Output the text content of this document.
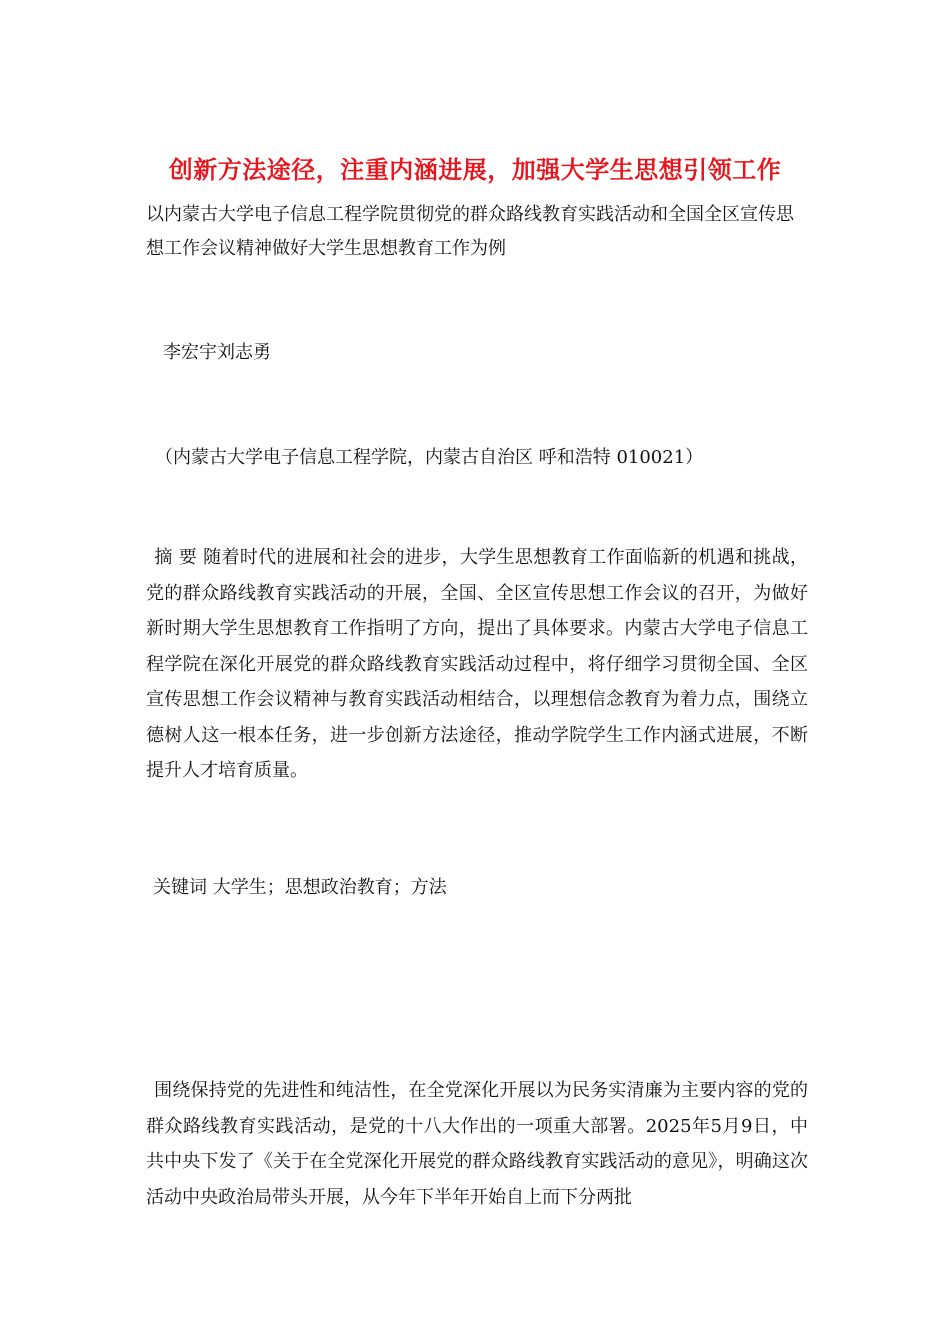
创新方法途径，注重内涵进展，加强大学生思想引领工作
以内蒙古大学电子信息工程学院贯彻党的群众路线教育实践活动和全国全区宣传思想工作会议精神做好大学生思想教育工作为例
李宏宇刘志勇
（内蒙古大学电子信息工程学院，内蒙古自治区 呼和浩特 010021）
摘 要 随着时代的进展和社会的进步，大学生思想教育工作面临新的机遇和挑战，党的群众路线教育实践活动的开展，全国、全区宣传思想工作会议的召开，为做好新时期大学生思想教育工作指明了方向，提出了具体要求。内蒙古大学电子信息工程学院在深化开展党的群众路线教育实践活动过程中，将仔细学习贯彻全国、全区宣传思想工作会议精神与教育实践活动相结合，以理想信念教育为着力点，围绕立德树人这一根本任务，进一步创新方法途径，推动学院学生工作内涵式进展，不断提升人才培育质量。
关键词 大学生；思想政治教育；方法
围绕保持党的先进性和纯洁性，在全党深化开展以为民务实清廉为主要内容的党的群众路线教育实践活动，是党的十八大作出的一项重大部署。2025年5月9日，中共中央下发了《关于在全党深化开展党的群众路线教育实践活动的意见》，明确这次活动中央政治局带头开展，从今年下半年开始自上而下分两批
